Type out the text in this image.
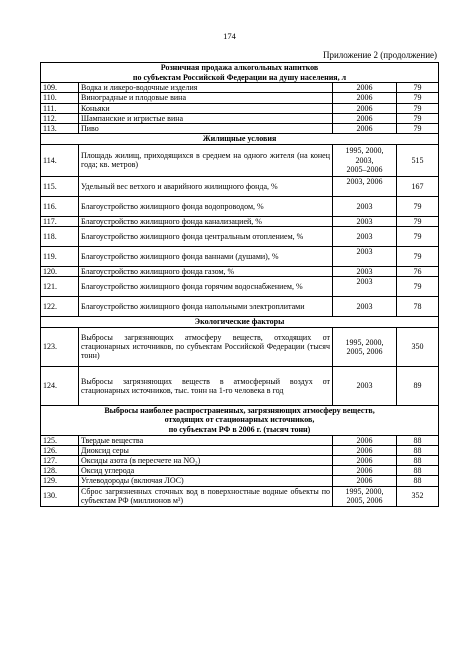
174
Приложение 2 (продолжение)
Розничная продажа алкогольных напитков
по субъектам Российской Федерации на душу населения, л			
109.	Водка и ликеро-водочные изделия	2006	79
110.	Виноградные и плодовые вина	2006	79
111.	Коньяки	2006	79
112.	Шампанские и игристые вина	2006	79
113.	Пиво	2006	79
Жилищные условия			
114.	Площадь жилищ, приходящихся в среднем на одного жителя (на конец года; кв. метров)	1995, 2000,
2003,
2005–2006	515
115.	Удельный вес ветхого и аварийного жилищного фонда, %	2003, 2006	167
116.	Благоустройство жилищного фонда водопроводом, %	2003	79
117.	Благоустройство жилищного фонда канализацией, %	2003	79
118.	Благоустройство жилищного фонда центральным отоплением, %	2003	79
119.	Благоустройство жилищного фонда ваннами (душами), %	2003	79
120.	Благоустройство жилищного фонда газом, %	2003	76
121.	Благоустройство жилищного фонда горячим водоснабжением, %	2003	79
122.	Благоустройство жилищного фонда напольными электроплитами	2003	78
Экологические факторы			
123.	Выбросы загрязняющих атмосферу веществ, отходящих от стационарных источников, по субъектам Российской Федерации (тысяч тонн)	1995, 2000,
2005, 2006	350
124.	Выбросы загрязняющих веществ в атмосферный воздух от стационарных источников, тыс. тонн на 1-го человека в год	2003	89
Выбросы наиболее распространенных, загрязняющих атмосферу веществ,
отходящих от стационарных источников,
по субъектам РФ в 2006 г. (тысяч тонн)			
125.	Твердые вещества	2006	88
126.	Диоксид серы	2006	88
127.	Оксиды азота (в пересчете на NO₂)	2006	88
128.	Оксид углерода	2006	88
129.	Углеводороды (включая ЛОС)	2006	88
130.	Сброс загрязненных сточных вод в поверхностные водные объекты по субъектам РФ (миллионов м³)	1995, 2000,
2005, 2006	352
